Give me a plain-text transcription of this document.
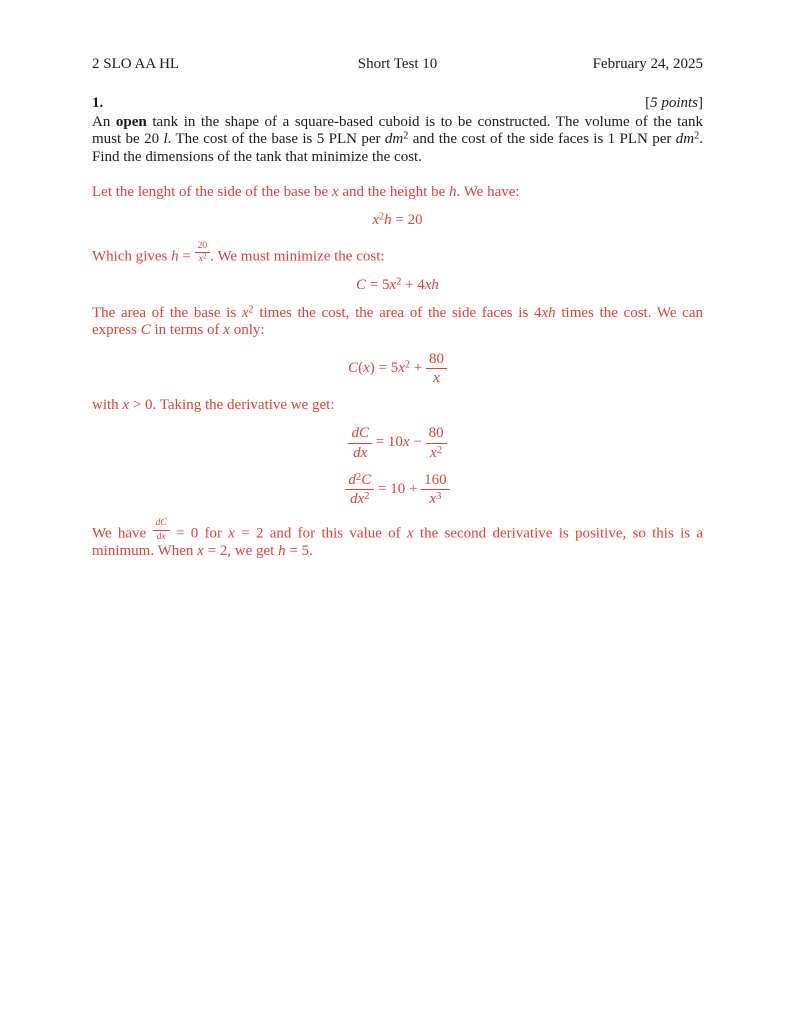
2 SLO AA HL	Short Test 10	February 24, 2025
1.	[5 points]

An open tank in the shape of a square-based cuboid is to be constructed. The volume of the tank must be 20 l. The cost of the base is 5 PLN per $dm^2$ and the cost of the side faces is 1 PLN per $dm^2$. Find the dimensions of the tank that minimize the cost.

Let the lenght of the side of the base be x and the height be h. We have:

$x^2h = 20$

Which gives $h = \frac{20}{x^2}$ . We must minimize the cost:

$C = 5x^2 + 4xh$

The area of the base is $x^2$ times the cost, the area of the side faces is 4xh times the cost. We can express C in terms of x only:

$C(x) = 5x^2 + \frac{80}{x}$

with x > 0. Taking the derivative we get:

$\frac{dC}{dx} = 10x - \frac{80}{x^2}$
$\frac{d^2C}{dx^2} = 10 + \frac{160}{x^3}$

We have $\frac{dC}{dx} = 0$ for x = 2 and for this value of x the second derivative is positive, so this is a minimum. When x = 2, we get h = 5.
